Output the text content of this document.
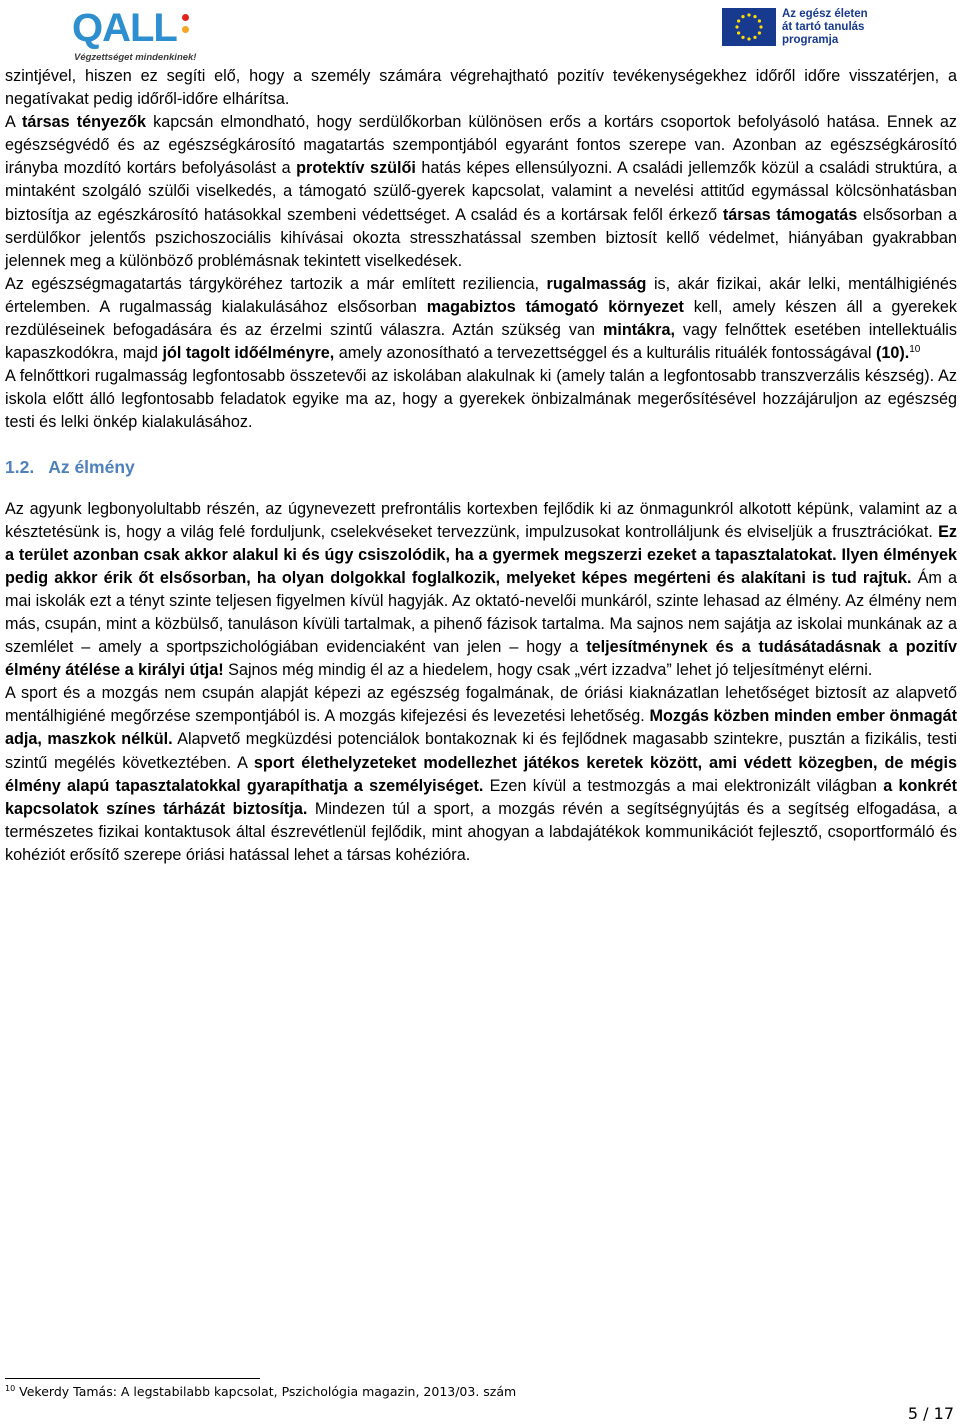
QALL
Végzettséget mindenkinek!
Az egész életen
át tartó tanulás
programja

szintjével, hiszen ez segíti elő, hogy a személy számára végrehajtható pozitív tevékenységekhez időről időre visszatérjen, a negatívakat pedig időről-időre elhárítsa.

A társas tényezők kapcsán elmondható, hogy serdülőkorban különösen erős a kortárs csoportok befolyásoló hatása. Ennek az egészségvédő és az egészségkárosító magatartás szempontjából egyaránt fontos szerepe van. Azonban az egészségkárosító irányba mozdító kortárs befolyásolást a protektív szülői hatás képes ellensúlyozni. A családi jellemzők közül a családi struktúra, a mintaként szolgáló szülői viselkedés, a támogató szülő-gyerek kapcsolat, valamint a nevelési attitűd egymással kölcsönhatásban biztosítja az egészkárosító hatásokkal szembeni védettséget. A család és a kortársak felől érkező társas támogatás elsősorban a serdülőkor jelentős pszichoszociális kihívásai okozta stresszhatással szemben biztosít kellő védelmet, hiányában gyakrabban jelennek meg a különböző problémásnak tekintett viselkedések.

Az egészségmagatartás tárgyköréhez tartozik a már említett reziliencia, rugalmasság is, akár fizikai, akár lelki, mentálhigiénés értelemben. A rugalmasság kialakulásához elsősorban magabiztos támogató környezet kell, amely készen áll a gyerekek rezdüléseinek befogadására és az érzelmi szintű válaszra. Aztán szükség van mintákra, vagy felnőttek esetében intellektuális kapaszkodókra, majd jól tagolt időélményre, amely azonosítható a tervezettséggel és a kulturális rituálék fontosságával (10).$^{10}$

A felnőttkori rugalmasság legfontosabb összetevői az iskolában alakulnak ki (amely talán a legfontosabb transzverzális készség). Az iskola előtt álló legfontosabb feladatok egyike ma az, hogy a gyerekek önbizalmának megerősítésével hozzájáruljon az egészség testi és lelki önkép kialakulásához.

1.2. Az élmény

Az agyunk legbonyolultabb részén, az úgynevezett prefrontális kortexben fejlődik ki az önmagunkról alkotott képünk, valamint az a késztetésünk is, hogy a világ felé forduljunk, cselekvéseket tervezzünk, impulzusokat kontrolláljunk és elviseljük a frusztrációkat. Ez a terület azonban csak akkor alakul ki és úgy csiszolódik, ha a gyermek megszerzi ezeket a tapasztalatokat. Ilyen élmények pedig akkor érik őt elsősorban, ha olyan dolgokkal foglalkozik, melyeket képes megérteni és alakítani is tud rajtuk. Ám a mai iskolák ezt a tényt szinte teljesen figyelmen kívül hagyják. Az oktató-nevelői munkáról, szinte lehasad az élmény. Az élmény nem más, csupán, mint a közbülső, tanuláson kívüli tartalmak, a pihenő fázisok tartalma. Ma sajnos nem sajátja az iskolai munkának az a szemlélet – amely a sportpszichológiában evidenciaként van jelen – hogy a teljesítménynek és a tudásátadásnak a pozitív élmény átélése a királyi útja! Sajnos még mindig él az a hiedelem, hogy csak „vért izzadva” lehet jó teljesítményt elérni.

A sport és a mozgás nem csupán alapját képezi az egészség fogalmának, de óriási kiaknázatlan lehetőséget biztosít az alapvető mentálhigiéné megőrzése szempontjából is. A mozgás kifejezési és levezetési lehetőség. Mozgás közben minden ember önmagát adja, maszkok nélkül. Alapvető megküzdési potenciálok bontakoznak ki és fejlődnek magasabb szintekre, pusztán a fizikális, testi szintű megélés következtében. A sport élethelyzeteket modellezhet játékos keretek között, ami védett közegben, de mégis élmény alapú tapasztalatokkal gyarapíthatja a személyiséget. Ezen kívül a testmozgás a mai elektronizált világban a konkrét kapcsolatok színes tárházát biztosítja. Mindezen túl a sport, a mozgás révén a segítségnyújtás és a segítség elfogadása, a természetes fizikai kontaktusok által észrevétlenül fejlődik, mint ahogyan a labdajátékok kommunikációt fejlesztő, csoportformáló és kohéziót erősítő szerepe óriási hatással lehet a társas kohézióra.

$^{10}$ Vekerdy Tamás: A legstabilabb kapcsolat, Pszichológia magazin, 2013/03. szám
5 / 17
